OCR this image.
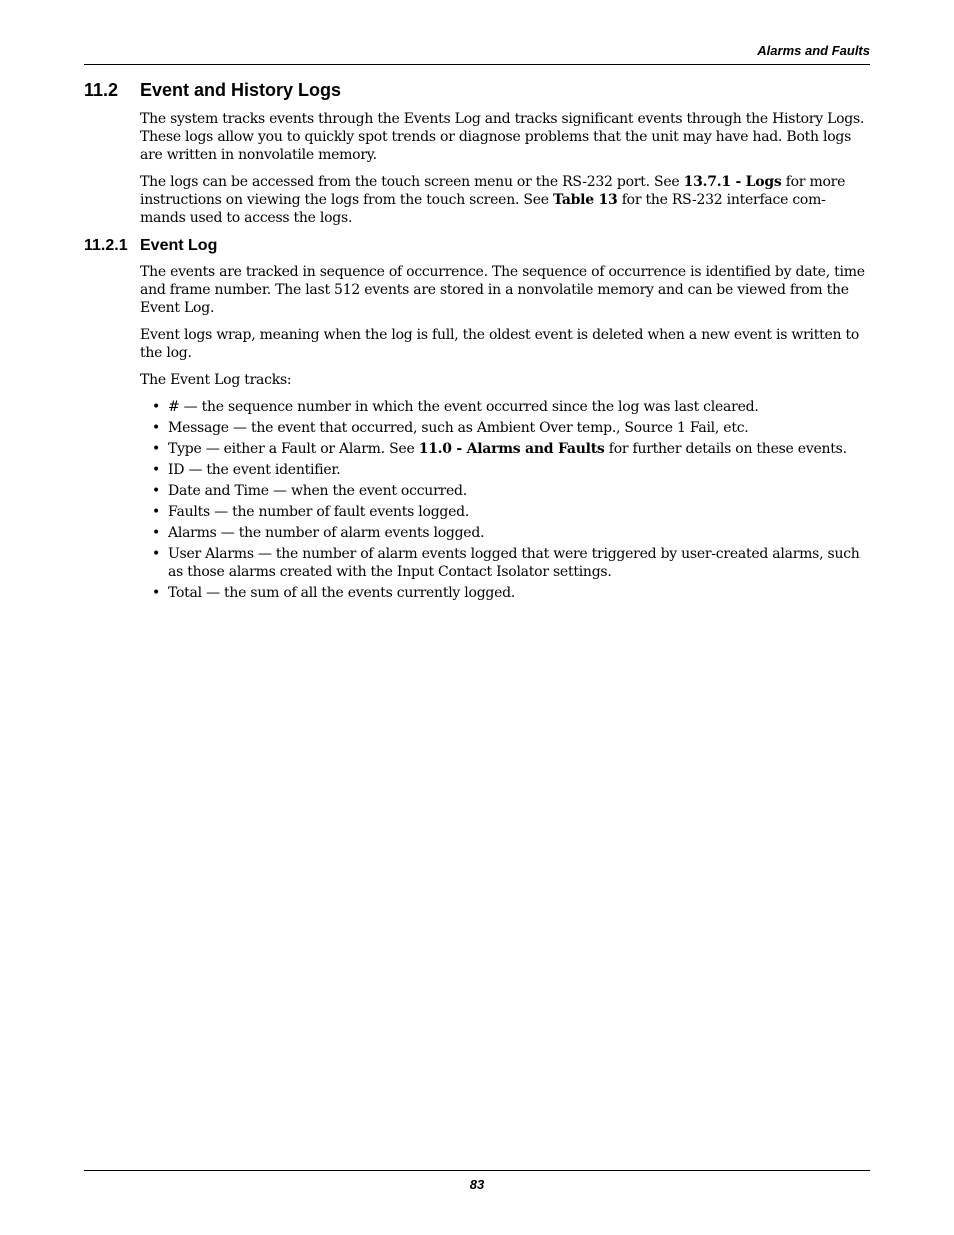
Alarms and Faults
11.2 Event and History Logs

The system tracks events through the Events Log and tracks significant events through the History Logs. These logs allow you to quickly spot trends or diagnose problems that the unit may have had. Both logs are written in nonvolatile memory.

The logs can be accessed from the touch screen menu or the RS-232 port. See 13.7.1 - Logs for more instructions on viewing the logs from the touch screen. See Table 13 for the RS-232 interface com-mands used to access the logs.

11.2.1 Event Log

The events are tracked in sequence of occurrence. The sequence of occurrence is identified by date, time and frame number. The last 512 events are stored in a nonvolatile memory and can be viewed from the Event Log.

Event logs wrap, meaning when the log is full, the oldest event is deleted when a new event is written to the log.

The Event Log tracks:

• # — the sequence number in which the event occurred since the log was last cleared.
• Message — the event that occurred, such as Ambient Over temp., Source 1 Fail, etc.
• Type — either a Fault or Alarm. See 11.0 - Alarms and Faults for further details on these events.
• ID — the event identifier.
• Date and Time — when the event occurred.
• Faults — the number of fault events logged.
• Alarms — the number of alarm events logged.
• User Alarms — the number of alarm events logged that were triggered by user-created alarms, such as those alarms created with the Input Contact Isolator settings.
• Total — the sum of all the events currently logged.
83
